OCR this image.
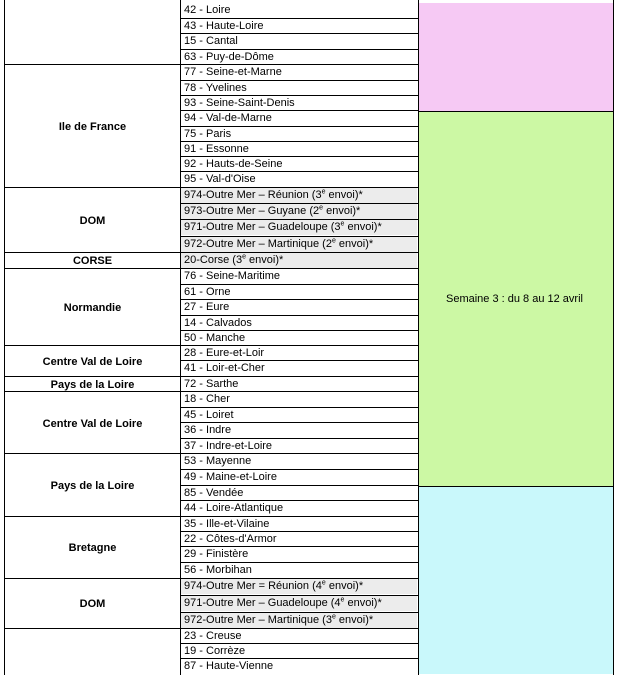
42 - Loire
43 - Haute-Loire
15 - Cantal
63 - Puy-de-Dôme
77 - Seine-et-Marne
78 - Yvelines
93 - Seine-Saint-Denis
94 - Val-de-Marne
75 - Paris
91 - Essonne
92 - Hauts-de-Seine
95 - Val-d'Oise
974-Outre Mer – Réunion (3e envoi)*
973-Outre Mer – Guyane (2e envoi)*
971-Outre Mer – Guadeloupe (3e envoi)*
972-Outre Mer – Martinique (2e envoi)*
20-Corse (3e envoi)*
76 - Seine-Maritime
61 - Orne
27 - Eure
14 - Calvados
50 - Manche
28 - Eure-et-Loir
41 - Loir-et-Cher
72 - Sarthe
18 - Cher
45 - Loiret
36 - Indre
37 - Indre-et-Loire
53 - Mayenne
49 - Maine-et-Loire
85 - Vendée
44 - Loire-Atlantique
35 - Ille-et-Vilaine
22 - Côtes-d'Armor
29 - Finistère
56 - Morbihan
974-Outre Mer = Réunion (4e envoi)*
971-Outre Mer – Guadeloupe (4e envoi)*
972-Outre Mer – Martinique (3e envoi)*
23 - Creuse
19 - Corrèze
87 - Haute-Vienne
Ile de France
DOM
CORSE
Normandie
Centre Val de Loire
Pays de la Loire
Centre Val de Loire
Pays de la Loire
Bretagne
DOM
Semaine 3 : du 8 au 12 avril
